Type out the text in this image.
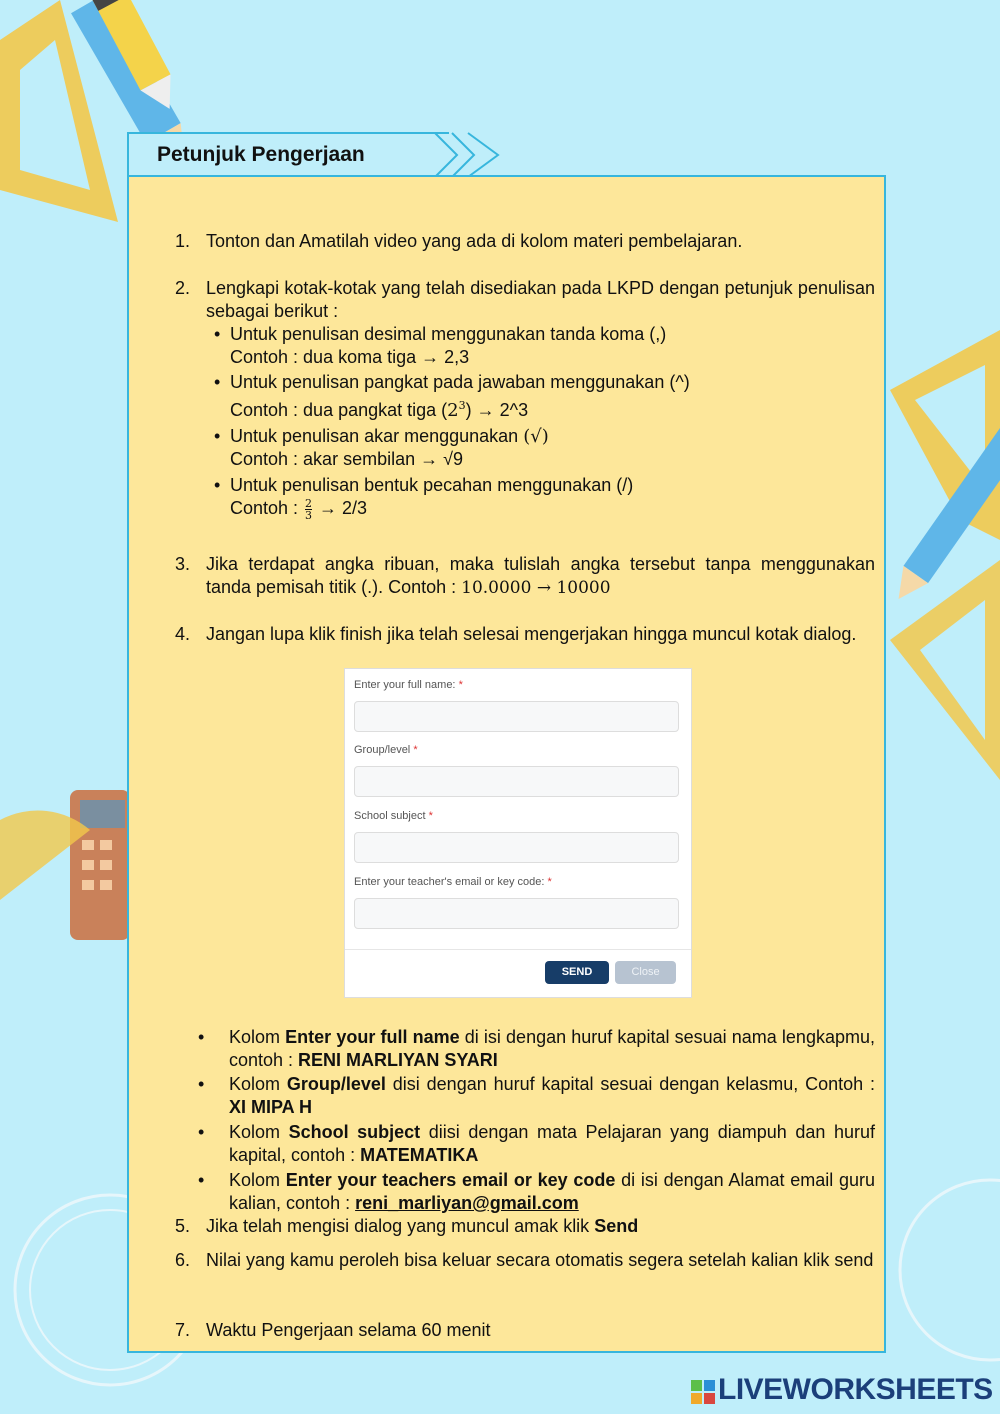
Petunjuk Pengerjaan
1. Tonton dan Amatilah video yang ada di kolom materi pembelajaran.
2. Lengkapi kotak-kotak yang telah disediakan pada LKPD dengan petunjuk penulisan sebagai berikut :
• Untuk penulisan desimal menggunakan tanda koma (,)
Contoh : dua koma tiga → 2,3
• Untuk penulisan pangkat pada jawaban menggunakan (^)
Contoh : dua pangkat tiga $(2^3)$ → 2^3
• Untuk penulisan akar menggunakan (√)
Contoh : akar sembilan → √9
• Untuk penulisan bentuk pecahan menggunakan (/)
Contoh : $\frac{2}{3} \to 2/3$
3. Jika terdapat angka ribuan, maka tulislah angka tersebut tanpa menggunakan tanda pemisah titik (.). Contoh : 10.0000 → 10000
4. Jangan lupa klik finish jika telah selesai mengerjakan hingga muncul kotak dialog.
Enter your full name: *
Group/level *
School subject *
Enter your teacher's email or key code: *
SEND	Close
• Kolom Enter your full name di isi dengan huruf kapital sesuai nama lengkapmu, contoh : RENI MARLIYAN SYARI
• Kolom Group/level disi dengan huruf kapital sesuai dengan kelasmu, Contoh : XI MIPA H
• Kolom School subject diisi dengan mata Pelajaran yang diampuh dan huruf kapital, contoh : MATEMATIKA
• Kolom Enter your teachers email or key code di isi dengan Alamat email guru kalian, contoh : reni_marliyan@gmail.com
5. Jika telah mengisi dialog yang muncul amak klik Send
6. Nilai yang kamu peroleh bisa keluar secara otomatis segera setelah kalian klik send
7. Waktu Pengerjaan selama 60 menit
LIVEWORKSHEETS
